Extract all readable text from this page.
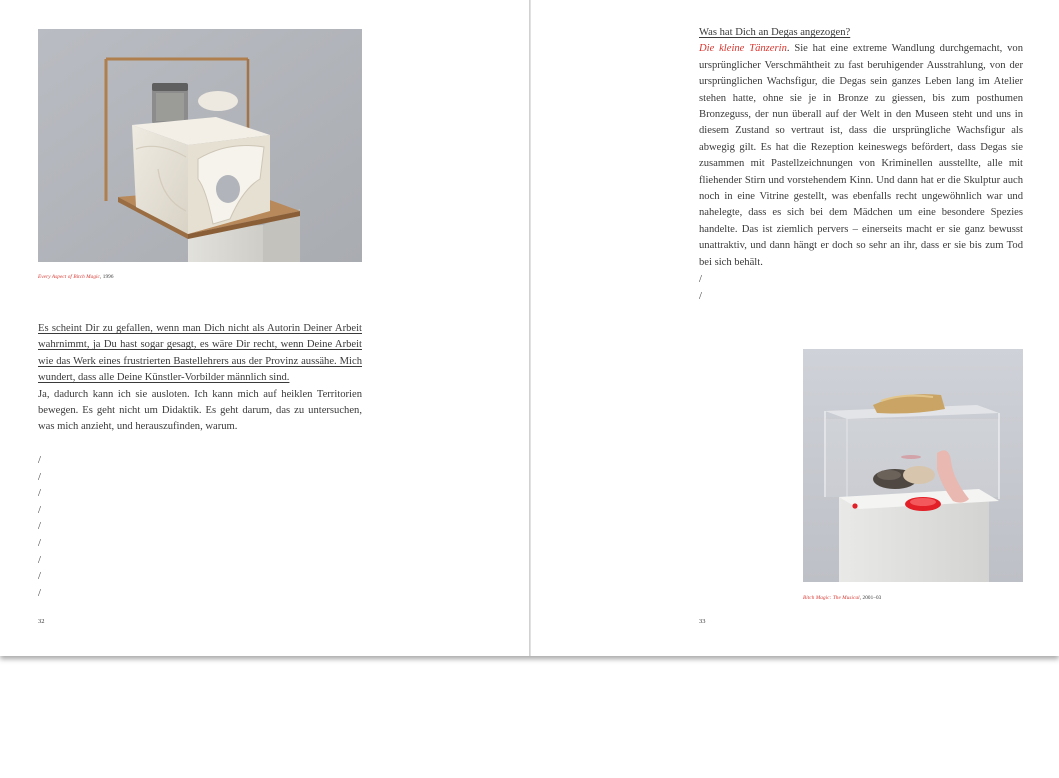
Every Aspect of Bitch Magic, 1996

Es scheint Dir zu gefallen, wenn man Dich nicht als Autorin Deiner Arbeit wahrnimmt, ja Du hast sogar gesagt, es wäre Dir recht, wenn Deine Arbeit wie das Werk eines frustrierten Bastellehrers aus der Provinz aussähe. Mich wundert, dass alle Deine Künstler-Vorbilder männlich sind.

Ja, dadurch kann ich sie ausloten. Ich kann mich auf heiklen Territorien bewegen. Es geht nicht um Didaktik. Es geht darum, das zu untersuchen, was mich anzieht, und herauszufinden, warum.

/
/
/
/
/
/
/
/
/
32

Was hat Dich an Degas angezogen?

Die kleine Tänzerin. Sie hat eine extreme Wandlung durchgemacht, von ursprünglicher Verschmähtheit zu fast beruhigender Ausstrahlung, von der ursprünglichen Wachsfigur, die Degas sein ganzes Leben lang im Atelier stehen hatte, ohne sie je in Bronze zu giessen, bis zum posthumen Bronzeguss, der nun überall auf der Welt in den Museen steht und uns in diesem Zustand so vertraut ist, dass die ursprüngliche Wachsfigur als abwegig gilt. Es hat die Rezeption keineswegs befördert, dass Degas sie zusammen mit Pastellzeichnungen von Kriminellen ausstellte, alle mit fliehender Stirn und vorstehendem Kinn. Und dann hat er die Skulptur auch noch in eine Vitrine gestellt, was ebenfalls recht ungewöhnlich war und nahelegte, dass es sich bei dem Mädchen um eine besondere Spezies handelte. Das ist ziemlich pervers – einerseits macht er sie ganz bewusst unattraktiv, und dann hängt er doch so sehr an ihr, dass er sie bis zum Tod bei sich behält.

/
/
Bitch Magic: The Musical, 2001–03
33
